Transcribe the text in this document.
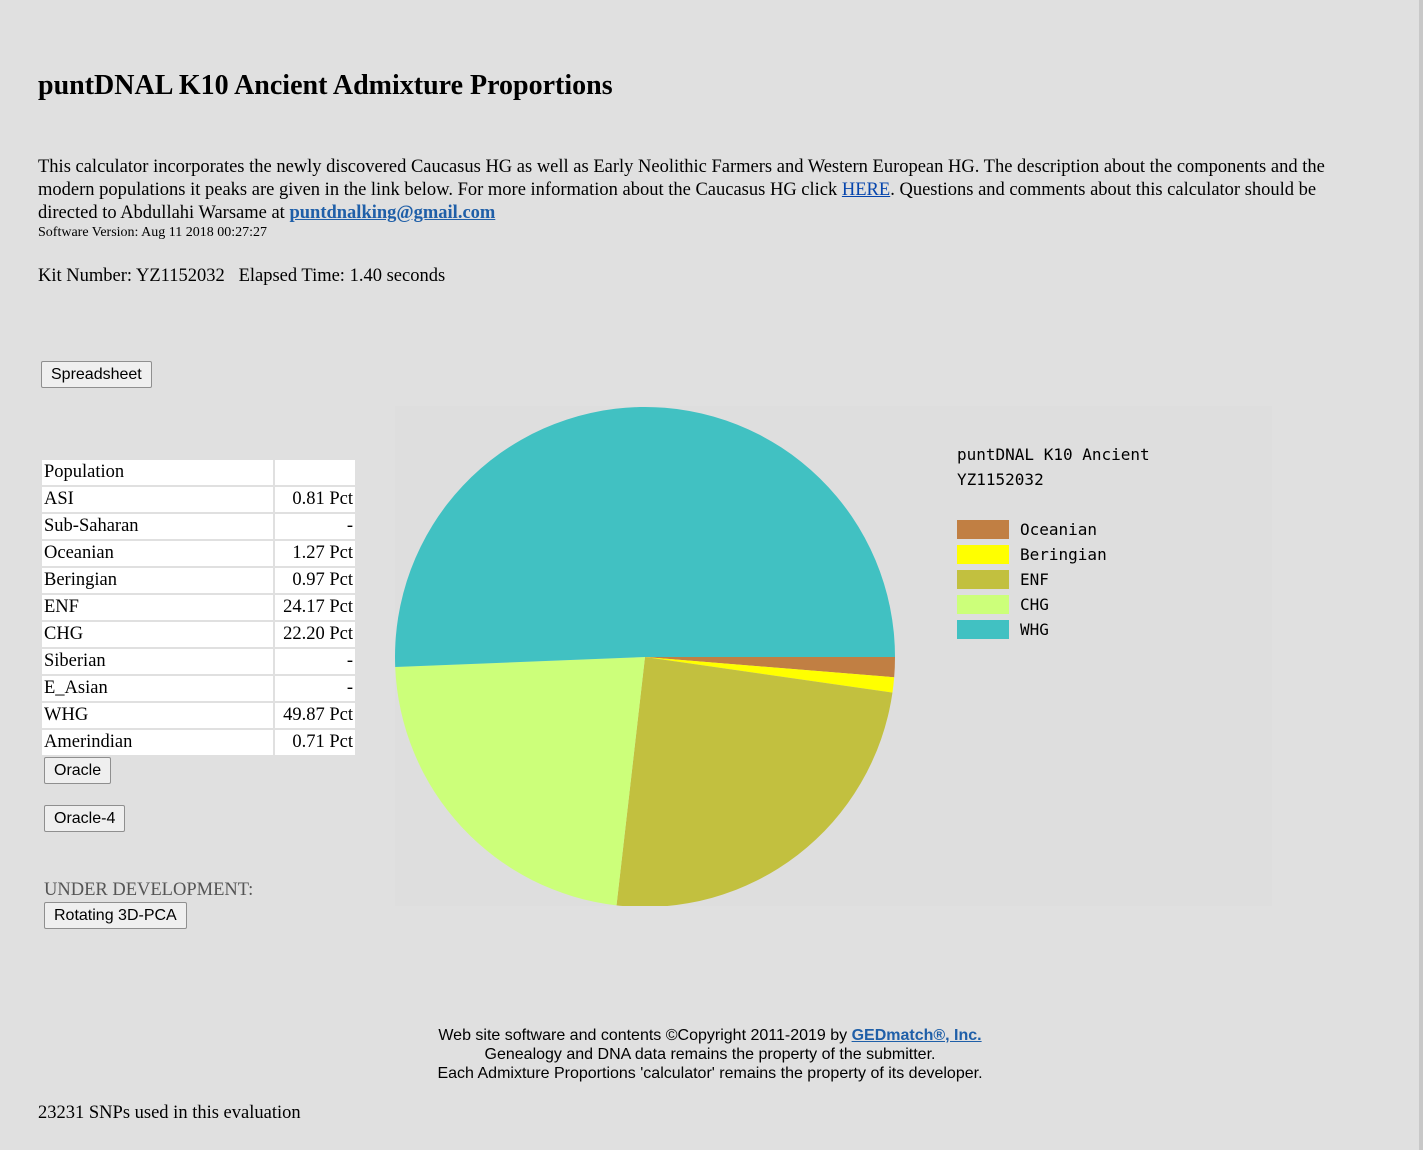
puntDNAL K10 Ancient Admixture Proportions
This calculator incorporates the newly discovered Caucasus HG as well as Early Neolithic Farmers and Western European HG. The description about the components and the modern populations it peaks are given in the link below. For more information about the Caucasus HG click HERE. Questions and comments about this calculator should be directed to Abdullahi Warsame at puntdnalking@gmail.com
Software Version: Aug 11 2018 00:27:27
Kit Number: YZ1152032   Elapsed Time: 1.40 seconds
Spreadsheet
Population	
ASI	0.81 Pct
Sub-Saharan	-
Oceanian	1.27 Pct
Beringian	0.97 Pct
ENF	24.17 Pct
CHG	22.20 Pct
Siberian	-
E_Asian	-
WHG	49.87 Pct
Amerindian	0.71 Pct
Oracle
Oracle-4
UNDER DEVELOPMENT:
Rotating 3D-PCA
puntDNAL K10 Ancient
YZ1152032
Oceanian
Beringian
ENF
CHG
WHG
Web site software and contents ©Copyright 2011-2019 by GEDmatch®, Inc.
Genealogy and DNA data remains the property of the submitter.
Each Admixture Proportions 'calculator' remains the property of its developer.
23231 SNPs used in this evaluation
